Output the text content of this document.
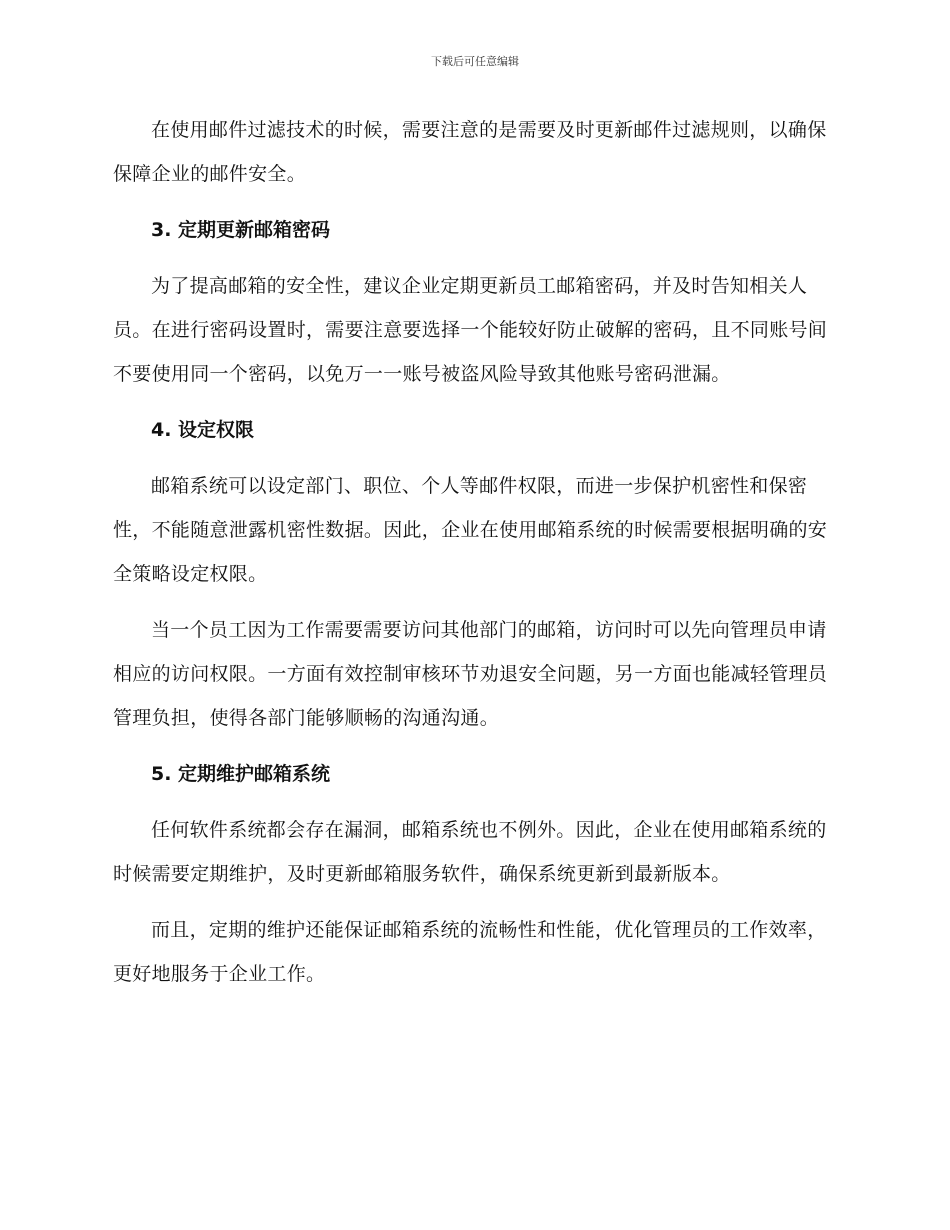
下载后可任意编辑

在使用邮件过滤技术的时候，需要注意的是需要及时更新邮件过滤规则，以确保保障企业的邮件安全。

3. 定期更新邮箱密码

为了提高邮箱的安全性，建议企业定期更新员工邮箱密码，并及时告知相关人员。在进行密码设置时，需要注意要选择一个能较好防止破解的密码，且不同账号间不要使用同一个密码，以免万一一账号被盗风险导致其他账号密码泄漏。

4. 设定权限

邮箱系统可以设定部门、职位、个人等邮件权限，而进一步保护机密性和保密性，不能随意泄露机密性数据。因此，企业在使用邮箱系统的时候需要根据明确的安全策略设定权限。

当一个员工因为工作需要需要访问其他部门的邮箱，访问时可以先向管理员申请相应的访问权限。一方面有效控制审核环节劝退安全问题，另一方面也能减轻管理员管理负担，使得各部门能够顺畅的沟通沟通。

5. 定期维护邮箱系统

任何软件系统都会存在漏洞，邮箱系统也不例外。因此，企业在使用邮箱系统的时候需要定期维护，及时更新邮箱服务软件，确保系统更新到最新版本。

而且，定期的维护还能保证邮箱系统的流畅性和性能，优化管理员的工作效率，更好地服务于企业工作。
